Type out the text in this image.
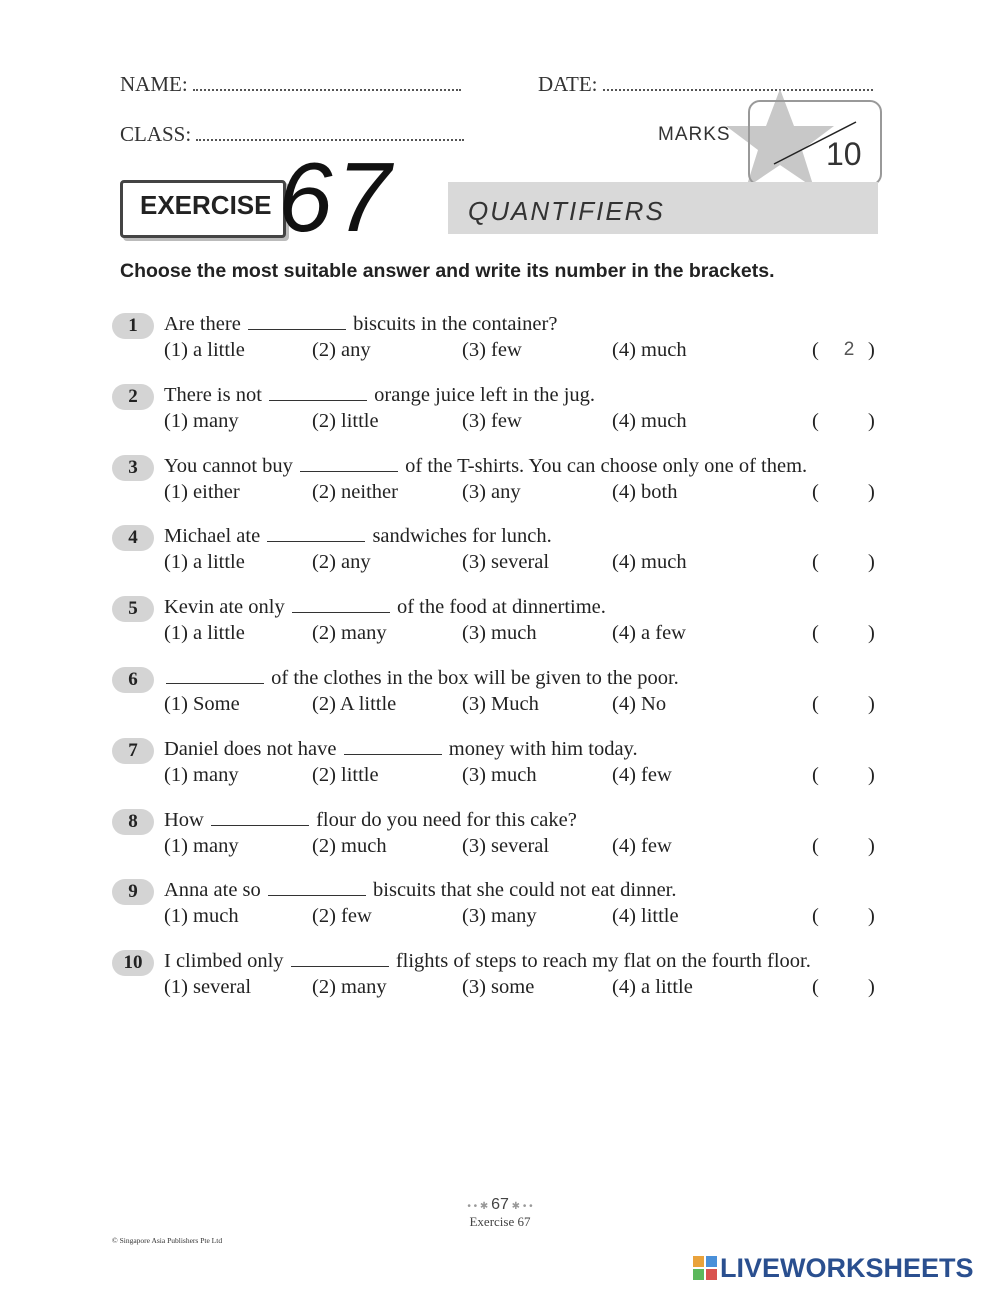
NAME:	DATE:
CLASS:	MARKS
10
EXERCISE 67	QUANTIFIERS
Choose the most suitable answer and write its number in the brackets.
1	Are there	biscuits in the container?
(1) a little	(2) any	(3) few	(4) much	(	2 )
2	There is not	orange juice left in the jug.
(1) many	(2) little	(3) few	(4) much	( )
3	You cannot buy	of the T-shirts. You can choose only one of them.
(1) either	(2) neither	(3) any	(4) both	( )
4	Michael ate	sandwiches for lunch.
(1) a little	(2) any	(3) several	(4) much	( )
5	Kevin ate only	of the food at dinnertime.
(1) a little	(2) many	(3) much	(4) a few	( )
6	of the clothes in the box will be given to the poor.
(1) Some	(2) A little	(3) Much	(4) No	( )
7	Daniel does not have	money with him today.
(1) many	(2) little	(3) much	(4) few	( )
8	How	flour do you need for this cake?
(1) many	(2) much	(3) several	(4) few	( )
9	Anna ate so	biscuits that she could not eat dinner.
(1) much	(2) few	(3) many	(4) little	( )
10	I climbed only	flights of steps to reach my flat on the fourth floor.
(1) several	(2) many	(3) some	(4) a little	( )
• • ✱ 67 ✱ • •
Exercise 67
© Singapore Asia Publishers Pte Ltd
LIVEWORKSHEETS
